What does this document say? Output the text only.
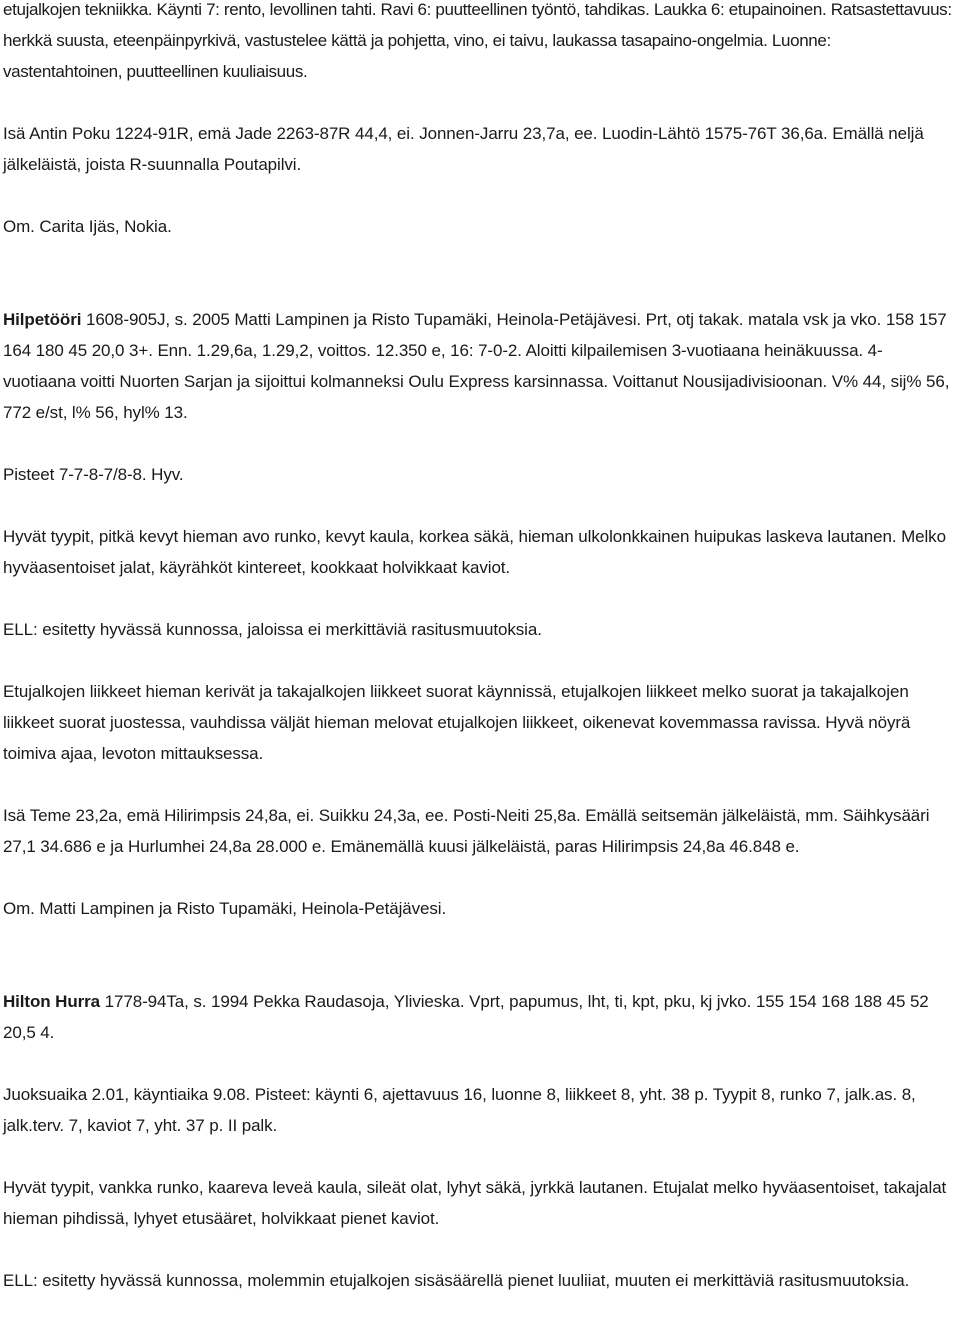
etujalkojen tekniikka. Käynti 7: rento, levollinen tahti. Ravi 6: puutteellinen työntö, tahdikas. Laukka 6: etupainoinen. Ratsastettavuus: herkkä suusta, eteenpäinpyrkivä, vastustelee kättä ja pohjetta, vino, ei taivu, laukassa tasapaino-ongelmia. Luonne: vastentahtoinen, puutteellinen kuuliaisuus.

Isä Antin Poku 1224-91R, emä Jade 2263-87R 44,4, ei. Jonnen-Jarru 23,7a, ee. Luodin-Lähtö 1575-76T 36,6a. Emällä neljä jälkeläistä, joista R-suunnalla Poutapilvi.

Om. Carita Ijäs, Nokia.

Hilpetööri 1608-905J, s. 2005 Matti Lampinen ja Risto Tupamäki, Heinola-Petäjävesi. Prt, otj takak. matala vsk ja vko. 158 157 164 180 45 20,0 3+. Enn. 1.29,6a, 1.29,2, voittos. 12.350 e, 16: 7-0-2. Aloitti kilpailemisen 3-vuotiaana heinäkuussa. 4-vuotiaana voitti Nuorten Sarjan ja sijoittui kolmanneksi Oulu Express karsinnassa. Voittanut Nousijadivisioonan. V% 44, sij% 56, 772 e/st, l% 56, hyl% 13.

Pisteet 7-7-8-7/8-8. Hyv.

Hyvät tyypit, pitkä kevyt hieman avo runko, kevyt kaula, korkea säkä, hieman ulkolonkkainen huipukas laskeva lautanen. Melko hyväasentoiset jalat, käyrähköt kintereet, kookkaat holvikkaat kaviot.

ELL: esitetty hyvässä kunnossa, jaloissa ei merkittäviä rasitusmuutoksia.

Etujalkojen liikkeet hieman kerivät ja takajalkojen liikkeet suorat käynnissä, etujalkojen liikkeet melko suorat ja takajalkojen liikkeet suorat juostessa, vauhdissa väljät hieman melovat etujalkojen liikkeet, oikenevat kovemmassa ravissa. Hyvä nöyrä toimiva ajaa, levoton mittauksessa.

Isä Teme 23,2a, emä Hilirimpsis 24,8a, ei. Suikku 24,3a, ee. Posti-Neiti 25,8a. Emällä seitsemän jälkeläistä, mm. Säihkysääri 27,1 34.686 e ja Hurlumhei 24,8a 28.000 e. Emänemällä kuusi jälkeläistä, paras Hilirimpsis 24,8a 46.848 e.

Om. Matti Lampinen ja Risto Tupamäki, Heinola-Petäjävesi.

Hilton Hurra 1778-94Ta, s. 1994 Pekka Raudasoja, Ylivieska. Vprt, papumus, lht, ti, kpt, pku, kj jvko. 155 154 168 188 45 52 20,5 4.

Juoksuaika 2.01, käyntiaika 9.08. Pisteet: käynti 6, ajettavuus 16, luonne 8, liikkeet 8, yht. 38 p. Tyypit 8, runko 7, jalk.as. 8, jalk.terv. 7, kaviot 7, yht. 37 p. II palk.

Hyvät tyypit, vankka runko, kaareva leveä kaula, sileät olat, lyhyt säkä, jyrkkä lautanen. Etujalat melko hyväasentoiset, takajalat hieman pihdissä, lyhyet etusääret, holvikkaat pienet kaviot.

ELL: esitetty hyvässä kunnossa, molemmin etujalkojen sisäsäärellä pienet luuliiat, muuten ei merkittäviä rasitusmuutoksia.
